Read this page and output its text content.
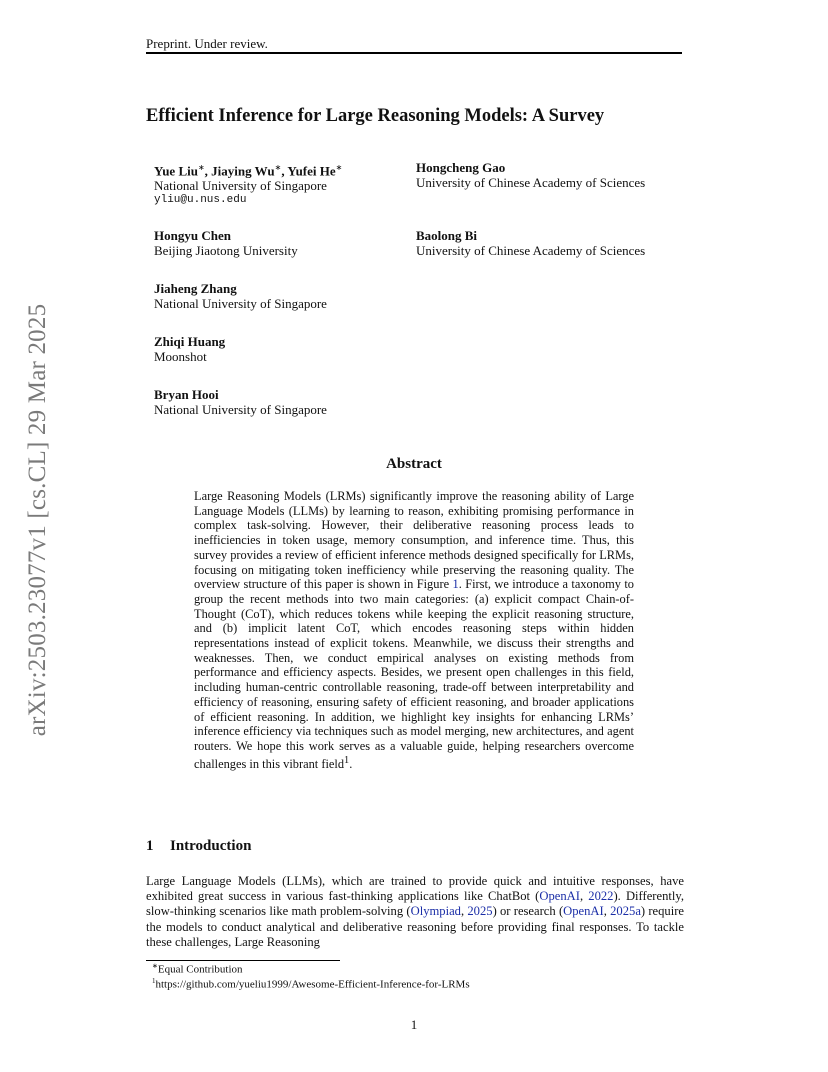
Preprint. Under review.
Efficient Inference for Large Reasoning Models: A Survey
Yue Liu∗, Jiaying Wu∗, Yufei He∗
National University of Singapore
yliu@u.nus.edu
Hongcheng Gao
University of Chinese Academy of Sciences
Hongyu Chen
Beijing Jiaotong University
Baolong Bi
University of Chinese Academy of Sciences
Jiaheng Zhang
National University of Singapore
Zhiqi Huang
Moonshot
Bryan Hooi
National University of Singapore
arXiv:2503.23077v1 [cs.CL] 29 Mar 2025	Abstract

Large Reasoning Models (LRMs) significantly improve the reasoning ability of Large Language Models (LLMs) by learning to reason, exhibiting promising performance in complex task-solving. However, their deliberative reasoning process leads to inefficiencies in token usage, memory consumption, and inference time. Thus, this survey provides a review of efficient inference methods designed specifically for LRMs, focusing on mitigating token inefficiency while preserving the reasoning quality. The overview structure of this paper is shown in Figure 1. First, we introduce a taxonomy to group the recent methods into two main categories: (a) explicit compact Chain-of-Thought (CoT), which reduces tokens while keeping the explicit reasoning structure, and (b) implicit latent CoT, which encodes reasoning steps within hidden representations instead of explicit tokens. Meanwhile, we discuss their strengths and weaknesses. Then, we conduct empirical analyses on existing methods from performance and efficiency aspects. Besides, we present open challenges in this field, including human-centric controllable reasoning, trade-off between interpretability and efficiency of reasoning, ensuring safety of efficient reasoning, and broader applications of efficient reasoning. In addition, we highlight key insights for enhancing LRMs’ inference efficiency via techniques such as model merging, new architectures, and agent routers. We hope this work serves as a valuable guide, helping researchers overcome challenges in this vibrant field$^1$.

1 Introduction

Large Language Models (LLMs), which are trained to provide quick and intuitive responses, have exhibited great success in various fast-thinking applications like ChatBot (OpenAI, 2022). Differently, slow-thinking scenarios like math problem-solving (Olympiad, 2025) or research (OpenAI, 2025a) require the models to conduct analytical and deliberative reasoning before providing final responses. To tackle these challenges, Large Reasoning

∗Equal Contribution
$^1$https://github.com/yueliu1999/Awesome-Efficient-Inference-for-LRMs
1
